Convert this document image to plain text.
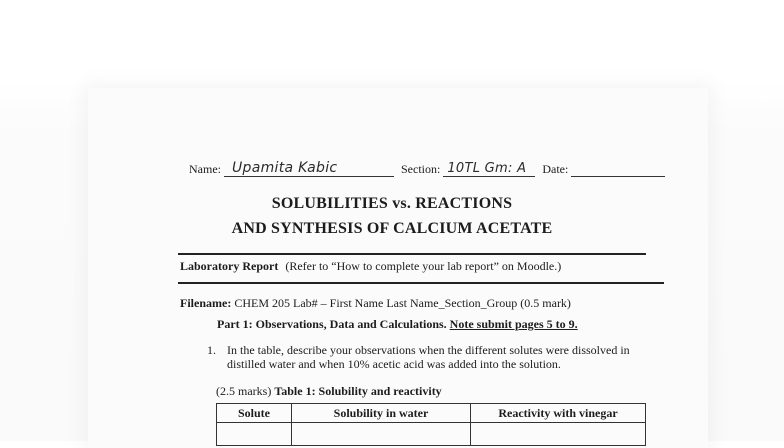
Name: Upamita Kabic	Section: 10TL Gm: A Date:
SOLUBILITIES vs. REACTIONS
AND SYNTHESIS OF CALCIUM ACETATE
Laboratory Report (Refer to “How to complete your lab report” on Moodle.)
Filename: CHEM 205 Lab# – First Name Last Name_Section_Group (0.5 mark)
Part 1: Observations, Data and Calculations. Note submit pages 5 to 9.
1. In the table, describe your observations when the different solutes were dissolved in
distilled water and when 10% acetic acid was added into the solution.
(2.5 marks) Table 1: Solubility and reactivity
Solute	Solubility in water	Reactivity with vinegar
